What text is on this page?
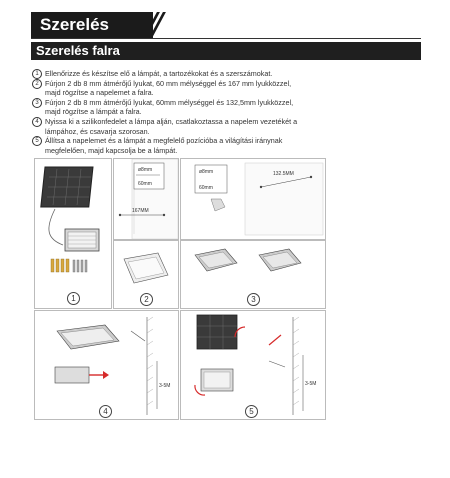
Szerelés
Szerelés falra
1 Ellenőrizze és készítse elő a lámpát, a tartozékokat és a szerszámokat.
2 Fúrjon 2 db 8 mm átmérőjű lyukat, 60 mm mélységgel és 167 mm lyukközzel,
majd rögzítse a napelemet a falra.
3 Fúrjon 2 db 8 mm átmérőjű lyukat, 60mm mélységgel és 132,5mm lyukközzel,
majd rögzítse a lámpát a falra.
4 Nyissa ki a szilikonfedelet a lámpa alján, csatlakoztassa a napelem vezetékét a
lámpához, és csavarja szorosan.
5 Állítsa a napelemet és a lámpát a megfelelő pozícióba a világítási iránynak
megfelelően, majd kapcsolja be a lámpát.
1
ø8mm
60mm
167MM
ø8mm
60mm
132.5MM
2	3
3-5M
4
3-5M
5
